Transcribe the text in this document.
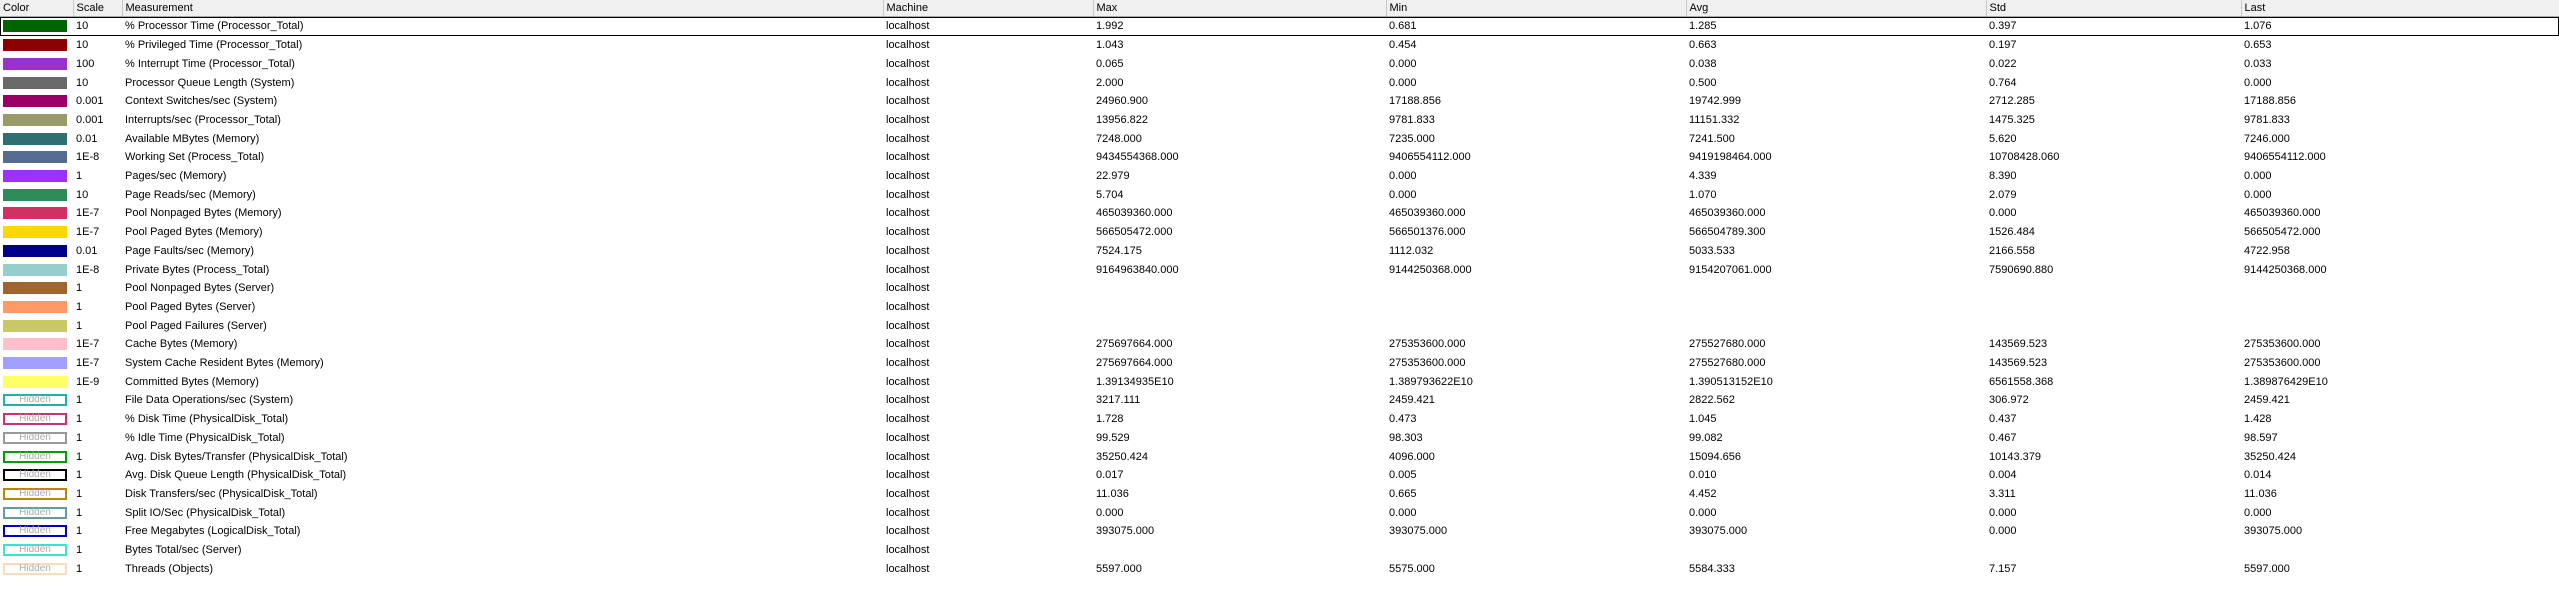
Color	Scale	Measurement	Machine	Max	Min	Avg	Std	Last

	10	% Processor Time (Processor_Total)	localhost	1.992	0.681	1.285	0.397	1.076

	10	% Privileged Time (Processor_Total)	localhost	1.043	0.454	0.663	0.197	0.653

	100	% Interrupt Time (Processor_Total)	localhost	0.065	0.000	0.038	0.022	0.033

	10	Processor Queue Length (System)	localhost	2.000	0.000	0.500	0.764	0.000

	0.001	Context Switches/sec (System)	localhost	24960.900	17188.856	19742.999	2712.285	17188.856

	0.001	Interrupts/sec (Processor_Total)	localhost	13956.822	9781.833	11151.332	1475.325	9781.833

	0.01	Available MBytes (Memory)	localhost	7248.000	7235.000	7241.500	5.620	7246.000

	1E-8	Working Set (Process_Total)	localhost	9434554368.000	9406554112.000	9419198464.000	10708428.060	9406554112.000

	1	Pages/sec (Memory)	localhost	22.979	0.000	4.339	8.390	0.000

	10	Page Reads/sec (Memory)	localhost	5.704	0.000	1.070	2.079	0.000

	1E-7	Pool Nonpaged Bytes (Memory)	localhost	465039360.000	465039360.000	465039360.000	0.000	465039360.000

	1E-7	Pool Paged Bytes (Memory)	localhost	566505472.000	566501376.000	566504789.300	1526.484	566505472.000

	0.01	Page Faults/sec (Memory)	localhost	7524.175	1112.032	5033.533	2166.558	4722.958

	1E-8	Private Bytes (Process_Total)	localhost	9164963840.000	9144250368.000	9154207061.000	7590690.880	9144250368.000

	1	Pool Nonpaged Bytes (Server)	localhost					

	1	Pool Paged Bytes (Server)	localhost					

	1	Pool Paged Failures (Server)	localhost					

	1E-7	Cache Bytes (Memory)	localhost	275697664.000	275353600.000	275527680.000	143569.523	275353600.000

	1E-7	System Cache Resident Bytes (Memory)	localhost	275697664.000	275353600.000	275527680.000	143569.523	275353600.000

	1E-9	Committed Bytes (Memory)	localhost	1.39134935E10	1.389793622E10	1.390513152E10	6561558.368	1.389876429E10

Hidden	1	File Data Operations/sec (System)	localhost	3217.111	2459.421	2822.562	306.972	2459.421

Hidden	1	% Disk Time (PhysicalDisk_Total)	localhost	1.728	0.473	1.045	0.437	1.428

Hidden	1	% Idle Time (PhysicalDisk_Total)	localhost	99.529	98.303	99.082	0.467	98.597

Hidden	1	Avg. Disk Bytes/Transfer (PhysicalDisk_Total)	localhost	35250.424	4096.000	15094.656	10143.379	35250.424

Hidden	1	Avg. Disk Queue Length (PhysicalDisk_Total)	localhost	0.017	0.005	0.010	0.004	0.014

Hidden	1	Disk Transfers/sec (PhysicalDisk_Total)	localhost	11.036	0.665	4.452	3.311	11.036

Hidden	1	Split IO/Sec (PhysicalDisk_Total)	localhost	0.000	0.000	0.000	0.000	0.000

Hidden	1	Free Megabytes (LogicalDisk_Total)	localhost	393075.000	393075.000	393075.000	0.000	393075.000

Hidden	1	Bytes Total/sec (Server)	localhost					

Hidden	1	Threads (Objects)	localhost	5597.000	5575.000	5584.333	7.157	5597.000
